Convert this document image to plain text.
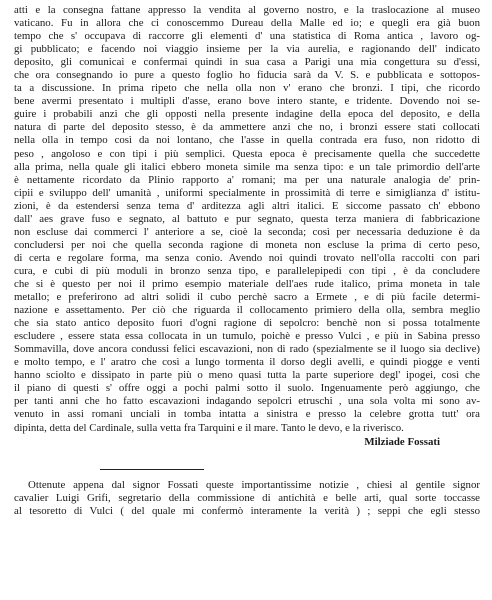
atti e la consegna fattane appresso la vendita al governo nostro, e la traslocazione al museo

vaticano. Fu in allora che ci conoscemmo Dureau della Malle ed io; e quegli era già buon

tempo che s' occupava di raccorre gli elementi d' una statistica di Roma antica , lavoro og-

gi pubblicato; e facendo noi viaggio insieme per la via aurelia, e ragionando dell' indicato

deposito, gli comunicai e confermai quindi in sua casa a Parigi una mia congettura su d'essi,

che ora consegnando io pure a questo foglio ho fiducia sarà da V. S. e pubblicata e sottopos-

ta a discussione. In prima ripeto che nella olla non v' erano che bronzi. I tipi, che ricordo

bene avermi presentato i multipli d'asse, erano bove intero stante, e tridente. Dovendo noi se-

guire i probabili anzi che gli opposti nella presente indagine della epoca del deposito, e della

natura di parte del deposito stesso, è da ammettere anzi che no, i bronzi essere stati collocati

nella olla in tempo così da noi lontano, che l'asse in quella contrada era fuso, non ridotto di

peso , angoloso e con tipi i più semplici. Questa epoca è precisamente quella che succedette

alla prima, nella quale gli italici ebbero moneta simile ma senza tipo: e un tale primordio dell'arte

è nettamente ricordato da Plinio rapporto a' romani; ma per una naturale analogia de' prin-

cipii e sviluppo dell' umanità , uniformi specialmente in prossimità di terre e simiglianza d' istitu-

zioni, è da estendersi senza tema d' arditezza agli altri italici. E siccome passato ch' ebbono

dall' aes grave fuso e segnato, al battuto e pur segnato, questa terza maniera di fabbricazione

non escluse dai commerci l' anteriore a se, cioè la seconda; così per necessaria deduzione è da

concludersi per noi che quella seconda ragione di moneta non escluse la prima di certo peso,

di certa e regolare forma, ma senza conio. Avendo noi quindi trovato nell'olla raccolti con pari

cura, e cubi di più moduli in bronzo senza tipo, e parallelepipedi con tipi , è da concludere

che si è questo per noi il primo esempio materiale dell'aes rude italico, prima moneta in tale

metallo; e preferirono ad altri solidi il cubo perchè sacro a Ermete , e di più facile determi-

nazione e assettamento. Per ciò che riguarda il collocamento primiero della olla, sembra meglio

che sia stato antico deposito fuori d'ogni ragione di sepolcro: benchè non si possa totalmente

escludere , essere stata essa collocata in un tumulo, poichè e presso Vulci , e più in Sabina presso

Sommavilla, dove ancora condussi felici escavazioni, non di rado (spezialmente se il luogo sia declive)

e molto tempo, e l' aratro che così a lungo tormenta il dorso degli avelli, e quindi piogge e venti

hanno sciolto e dissipato in parte più o meno quasi tutta la parte superiore degl' ipogei, così che

il piano di questi s' offre oggi a pochi palmi sotto il suolo. Ingenuamente però aggiungo, che

per tanti anni che ho fatto escavazioni indagando sepolcri etruschi , una sola volta mi sono av-

venuto in assi romani unciali in tomba intatta a sinistra e presso la celebre grotta tutt' ora

dipinta, detta del Cardinale, sulla vetta fra Tarquini e il mare. Tanto le devo, e la riverisco.

Milziade Fossati

Ottenute appena dal signor Fossati queste importantissime notizie , chiesi al gentile signor

cavalier Luigi Grifi, segretario della commissione di antichità e belle arti, qual sorte toccasse

al tesoretto di Vulci ( del quale mi confermò interamente la verità ) ; seppi che egli stesso
